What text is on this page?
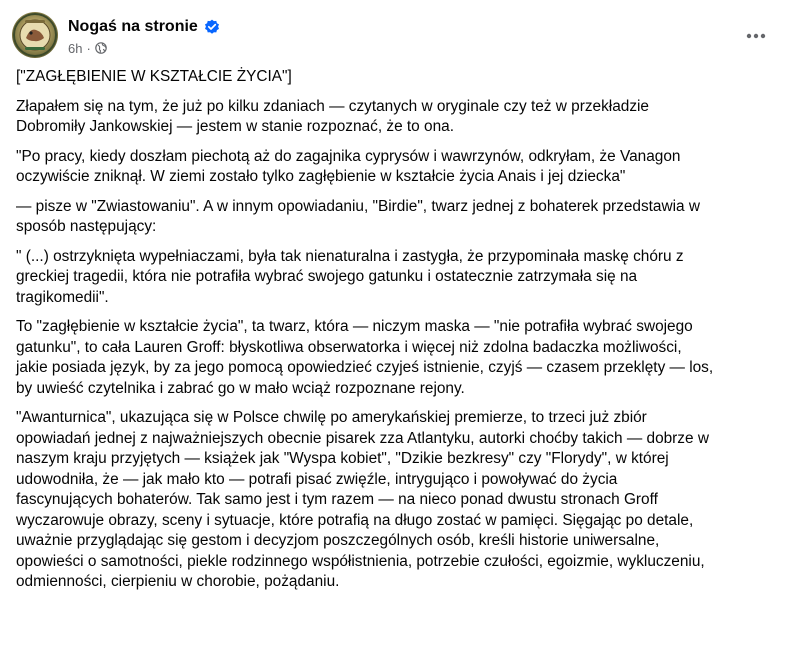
Nogaś na stronie
6h ·

["ZAGŁĘBIENIE W KSZTAŁCIE ŻYCIA"]

Złapałem się na tym, że już po kilku zdaniach — czytanych w oryginale czy też w przekładzie
Dobromiły Jankowskiej — jestem w stanie rozpoznać, że to ona.

"Po pracy, kiedy doszłam piechotą aż do zagajnika cyprysów i wawrzynów, odkryłam, że Vanagon
oczywiście zniknął. W ziemi zostało tylko zagłębienie w kształcie życia Anais i jej dziecka"

— pisze w "Zwiastowaniu". A w innym opowiadaniu, "Birdie", twarz jednej z bohaterek przedstawia w
sposób następujący:

" (...) ostrzyknięta wypełniaczami, była tak nienaturalna i zastygła, że przypominała maskę chóru z
greckiej tragedii, która nie potrafiła wybrać swojego gatunku i ostatecznie zatrzymała się na
tragikomedii".

To "zagłębienie w kształcie życia", ta twarz, która — niczym maska — "nie potrafiła wybrać swojego
gatunku", to cała Lauren Groff: błyskotliwa obserwatorka i więcej niż zdolna badaczka możliwości,
jakie posiada język, by za jego pomocą opowiedzieć czyjeś istnienie, czyjś — czasem przeklęty — los,
by uwieść czytelnika i zabrać go w mało wciąż rozpoznane rejony.

"Awanturnica", ukazująca się w Polsce chwilę po amerykańskiej premierze, to trzeci już zbiór
opowiadań jednej z najważniejszych obecnie pisarek zza Atlantyku, autorki choćby takich — dobrze w
naszym kraju przyjętych — książek jak "Wyspa kobiet", "Dzikie bezkresy" czy "Florydy", w której
udowodniła, że — jak mało kto — potrafi pisać zwięźle, intrygująco i powoływać do życia
fascynujących bohaterów. Tak samo jest i tym razem — na nieco ponad dwustu stronach Groff
wyczarowuje obrazy, sceny i sytuacje, które potrafią na długo zostać w pamięci. Sięgając po detale,
uważnie przyglądając się gestom i decyzjom poszczególnych osób, kreśli historie uniwersalne,
opowieści o samotności, piekle rodzinnego współistnienia, potrzebie czułości, egoizmie, wykluczeniu,
odmienności, cierpieniu w chorobie, pożądaniu.
